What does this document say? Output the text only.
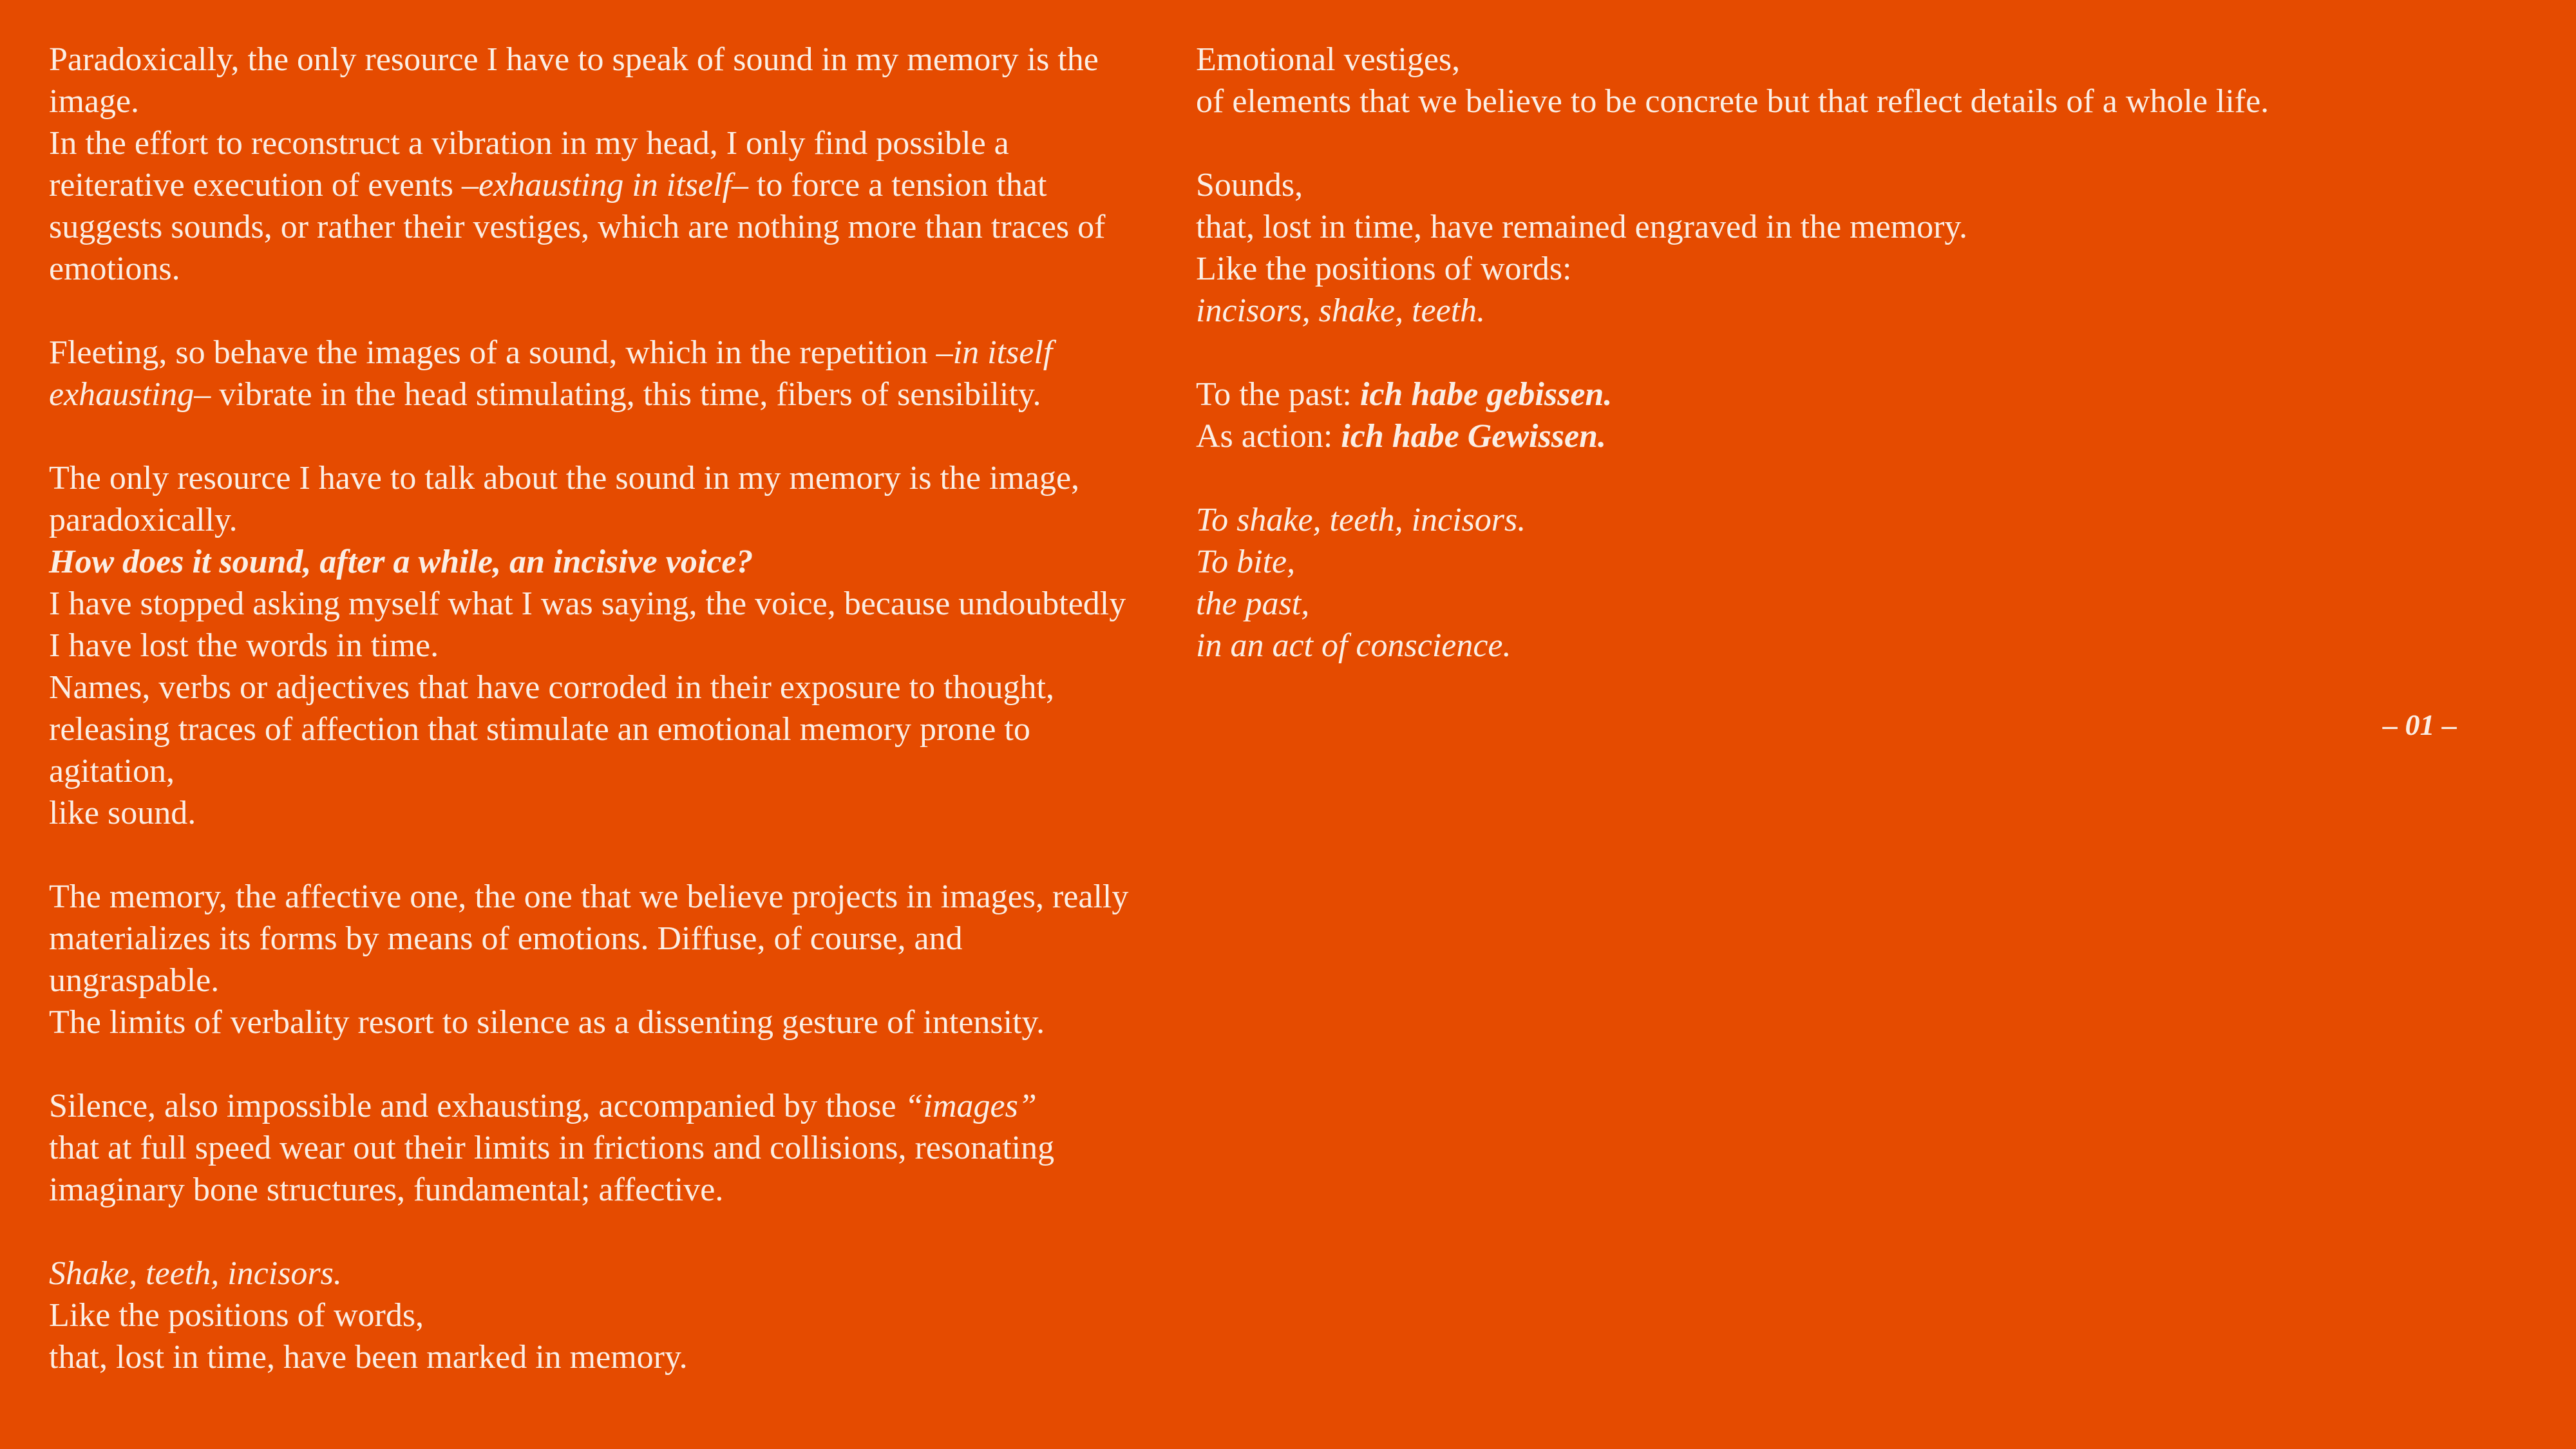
Paradoxically, the only resource I have to speak of sound in my memory is the image.
In the effort to reconstruct a vibration in my head, I only find possible a reiterative execution of events –exhausting in itself– to force a tension that suggests sounds, or rather their vestiges, which are nothing more than traces of emotions.

Fleeting, so behave the images of a sound, which in the repetition –in itself exhausting– vibrate in the head stimulating, this time, fibers of sensibility.

The only resource I have to talk about the sound in my memory is the image, paradoxically.
How does it sound, after a while, an incisive voice?
I have stopped asking myself what I was saying, the voice, because undoubtedly I have lost the words in time.
Names, verbs or adjectives that have corroded in their exposure to thought, releasing traces of affection that stimulate an emotional memory prone to agitation,
like sound.

The memory, the affective one, the one that we believe projects in images, really materializes its forms by means of emotions. Diffuse, of course, and ungraspable.
The limits of verbality resort to silence as a dissenting gesture of intensity.

Silence, also impossible and exhausting, accompanied by those “images”
that at full speed wear out their limits in frictions and collisions, resonating imaginary bone structures, fundamental; affective.

Shake, teeth, incisors.
Like the positions of words,
that, lost in time, have been marked in memory.

Emotional vestiges,
of elements that we believe to be concrete but that reflect details of a whole life.

Sounds,
that, lost in time, have remained engraved in the memory.
Like the positions of words:
incisors, shake, teeth.

To the past: ich habe gebissen.
As action: ich habe Gewissen.

To shake, teeth, incisors.
To bite,
the past,
in an act of conscience.

– 01 –
